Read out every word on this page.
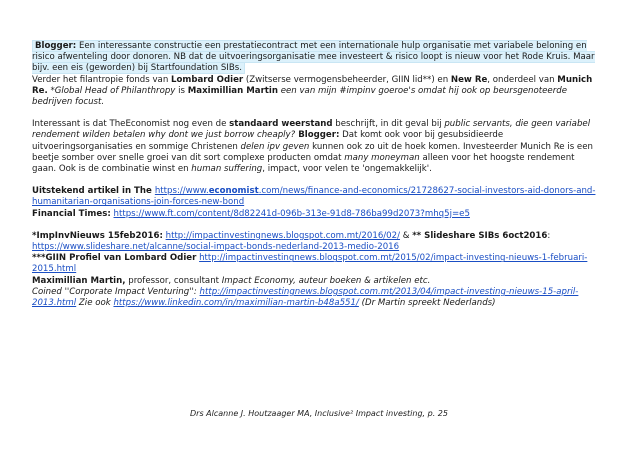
Blogger: Een interessante constructie een prestatiecontract met een internationale hulp organisatie met variabele beloning en risico afwenteling door donoren. NB dat de uitvoeringsorganisatie mee investeert & risico loopt is nieuw voor het Rode Kruis. Maar bijv. een eis (geworden) bij Startfoundation SIBs.

Verder het filantropie fonds van Lombard Odier (Zwitserse vermogensbeheerder, GIIN lid**) en New Re, onderdeel van Munich Re. *Global Head of Philanthropy is Maximillian Martin een van mijn #impinv goeroe's omdat hij ook op beursgenoteerde bedrijven focust.

Interessant is dat TheEconomist nog even de standaard weerstand beschrijft, in dit geval bij public servants, die geen variabel rendement wilden betalen why dont we just borrow cheaply? Blogger: Dat komt ook voor bij gesubsidieerde uitvoeringsorganisaties en sommige Christenen delen ipv geven kunnen ook zo uit de hoek komen. Investeerder Munich Re is een beetje somber over snelle groei van dit sort complexe producten omdat many moneyman alleen voor het hoogste rendement gaan. Ook is de combinatie winst en human suffering, impact, voor velen te 'ongemakkelijk'.

Uitstekend artikel in The https://www.economist.com/news/finance-and-economics/21728627-social-investors-aid-donors-and-humanitarian-organisations-join-forces-new-bond
Financial Times: https://www.ft.com/content/8d82241d-096b-313e-91d8-786ba99d2073?mhq5j=e5

*ImpInvNieuws 15feb2016: http://impactinvestingnews.blogspot.com.mt/2016/02/ & ** Slideshare SIBs 6oct2016: https://www.slideshare.net/alcanne/social-impact-bonds-nederland-2013-medio-2016
***GIIN Profiel van Lombard Odier http://impactinvestingnews.blogspot.com.mt/2015/02/impact-investing-nieuws-1-februari-2015.html
Maximillian Martin, professor, consultant Impact Economy, auteur boeken & artikelen etc.
Coined ''Corporate Impact Venturing'': http://impactinvestingnews.blogspot.com.mt/2013/04/impact-investing-nieuws-15-april-2013.html Zie ook https://www.linkedin.com/in/maximilian-martin-b48a551/ (Dr Martin spreekt Nederlands)

Drs Alcanne J. Houtzaager MA, Inclusive² Impact investing, p. 25
